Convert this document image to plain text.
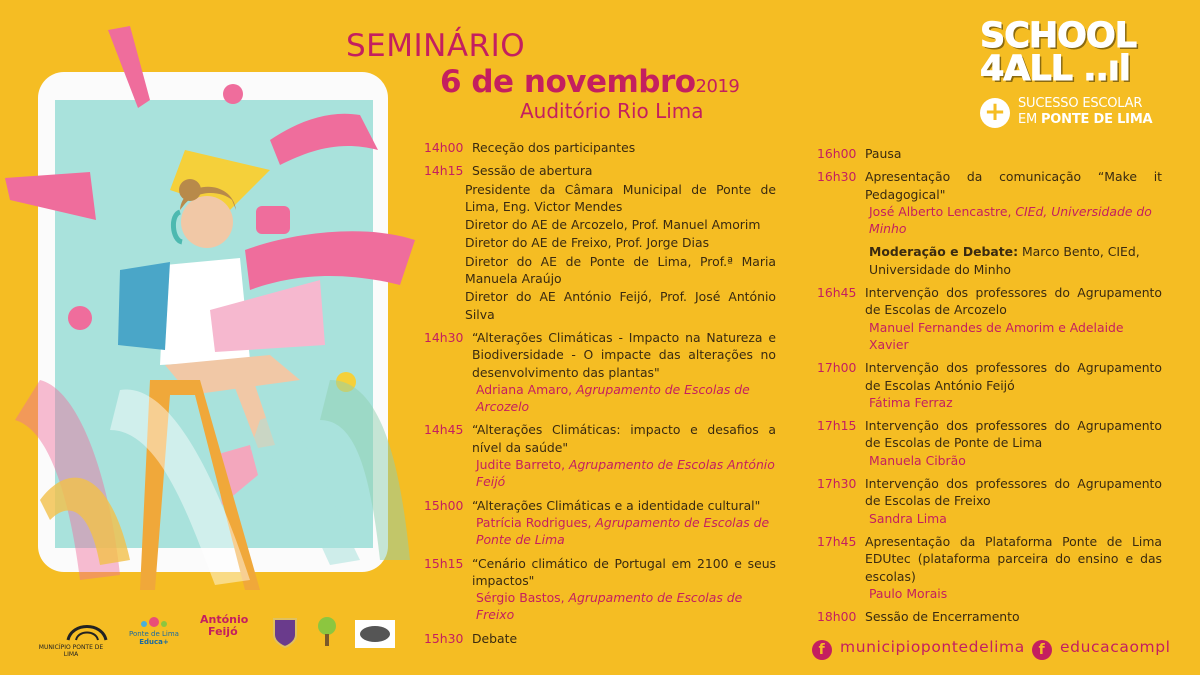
SEMINÁRIO
6 de novembro2019
Auditório Rio Lima
SCHOOL
4ALL ..ıl
+ SUCESSO ESCOLAR
EM PONTE DE LIMA
14h00 Receção dos participantes
14h15 Sessão de abertura
Presidente da Câmara Municipal de Ponte de Lima, Eng. Victor Mendes
Diretor do AE de Arcozelo, Prof. Manuel Amorim
Diretor do AE de Freixo, Prof. Jorge Dias
Diretor do AE de Ponte de Lima, Prof.ª Maria Manuela Araújo
Diretor do AE António Feijó, Prof. José António Silva
14h30 “Alterações Climáticas - Impacto na Natureza e Biodiversidade - O impacte das alterações no desenvolvimento das plantas"
Adriana Amaro, Agrupamento de Escolas de Arcozelo
14h45 “Alterações Climáticas: impacto e desafios a nível da saúde"
Judite Barreto, Agrupamento de Escolas António Feijó
15h00 “Alterações Climáticas e a identidade cultural"
Patrícia Rodrigues, Agrupamento de Escolas de Ponte de Lima
15h15 “Cenário climático de Portugal em 2100 e seus impactos"
Sérgio Bastos, Agrupamento de Escolas de Freixo
15h30 Debate
16h00 Pausa
16h30 Apresentação da comunicação “Make it Pedagogical"
José Alberto Lencastre, CIEd, Universidade do Minho
Moderação e Debate: Marco Bento, CIEd, Universidade do Minho
16h45 Intervenção dos professores do Agrupamento de Escolas de Arcozelo
Manuel Fernandes de Amorim e Adelaide Xavier
17h00 Intervenção dos professores do Agrupamento de Escolas António Feijó
Fátima Ferraz
17h15 Intervenção dos professores do Agrupamento de Escolas de Ponte de Lima
Manuela Cibrão
17h30 Intervenção dos professores do Agrupamento de Escolas de Freixo
Sandra Lima
17h45 Apresentação da Plataforma Ponte de Lima EDUtec (plataforma parceira do ensino e das escolas)
Paulo Morais
18h00 Sessão de Encerramento
MUNICÍPIO PONTE DE LIMA
Ponte de Lima
Educa+
António
Feijó
f municipiopontedelima f educacaompl
